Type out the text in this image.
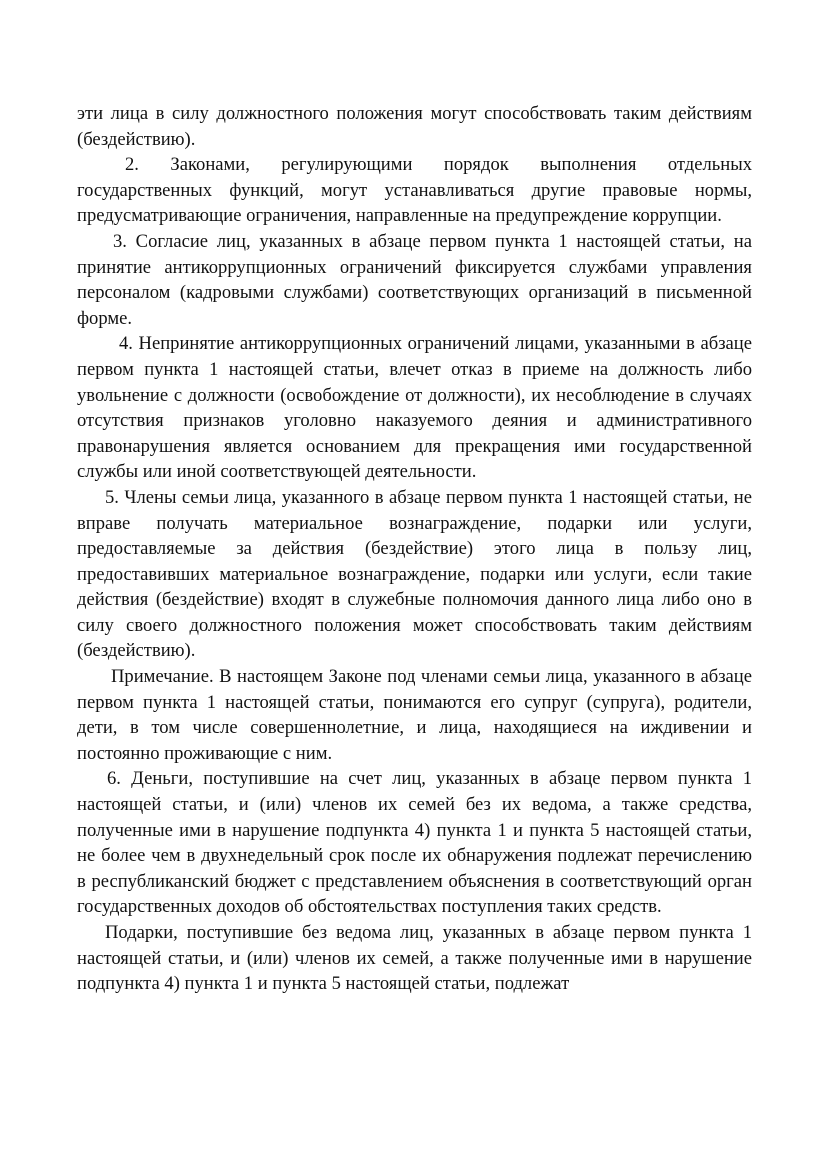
эти лица в силу должностного положения могут способствовать таким действиям (бездействию).

2. Законами, регулирующими порядок выполнения отдельных государственных функций, могут устанавливаться другие правовые нормы, предусматривающие ограничения, направленные на предупреждение коррупции.

3. Согласие лиц, указанных в абзаце первом пункта 1 настоящей статьи, на принятие антикоррупционных ограничений фиксируется службами управления персоналом (кадровыми службами) соответствующих организаций в письменной форме.

4. Непринятие антикоррупционных ограничений лицами, указанными в абзаце первом пункта 1 настоящей статьи, влечет отказ в приеме на должность либо увольнение с должности (освобождение от должности), их несоблюдение в случаях отсутствия признаков уголовно наказуемого деяния и административного правонарушения является основанием для прекращения ими государственной службы или иной соответствующей деятельности.

5. Члены семьи лица, указанного в абзаце первом пункта 1 настоящей статьи, не вправе получать материальное вознаграждение, подарки или услуги, предоставляемые за действия (бездействие) этого лица в пользу лиц, предоставивших материальное вознаграждение, подарки или услуги, если такие действия (бездействие) входят в служебные полномочия данного лица либо оно в силу своего должностного положения может способствовать таким действиям (бездействию).

Примечание. В настоящем Законе под членами семьи лица, указанного в абзаце первом пункта 1 настоящей статьи, понимаются его супруг (супруга), родители, дети, в том числе совершеннолетние, и лица, находящиеся на иждивении и постоянно проживающие с ним.

6. Деньги, поступившие на счет лиц, указанных в абзаце первом пункта 1 настоящей статьи, и (или) членов их семей без их ведома, а также средства, полученные ими в нарушение подпункта 4) пункта 1 и пункта 5 настоящей статьи, не более чем в двухнедельный срок после их обнаружения подлежат перечислению в республиканский бюджет с представлением объяснения в соответствующий орган государственных доходов об обстоятельствах поступления таких средств.

Подарки, поступившие без ведома лиц, указанных в абзаце первом пункта 1 настоящей статьи, и (или) членов их семей, а также полученные ими в нарушение подпункта 4) пункта 1 и пункта 5 настоящей статьи, подлежат
